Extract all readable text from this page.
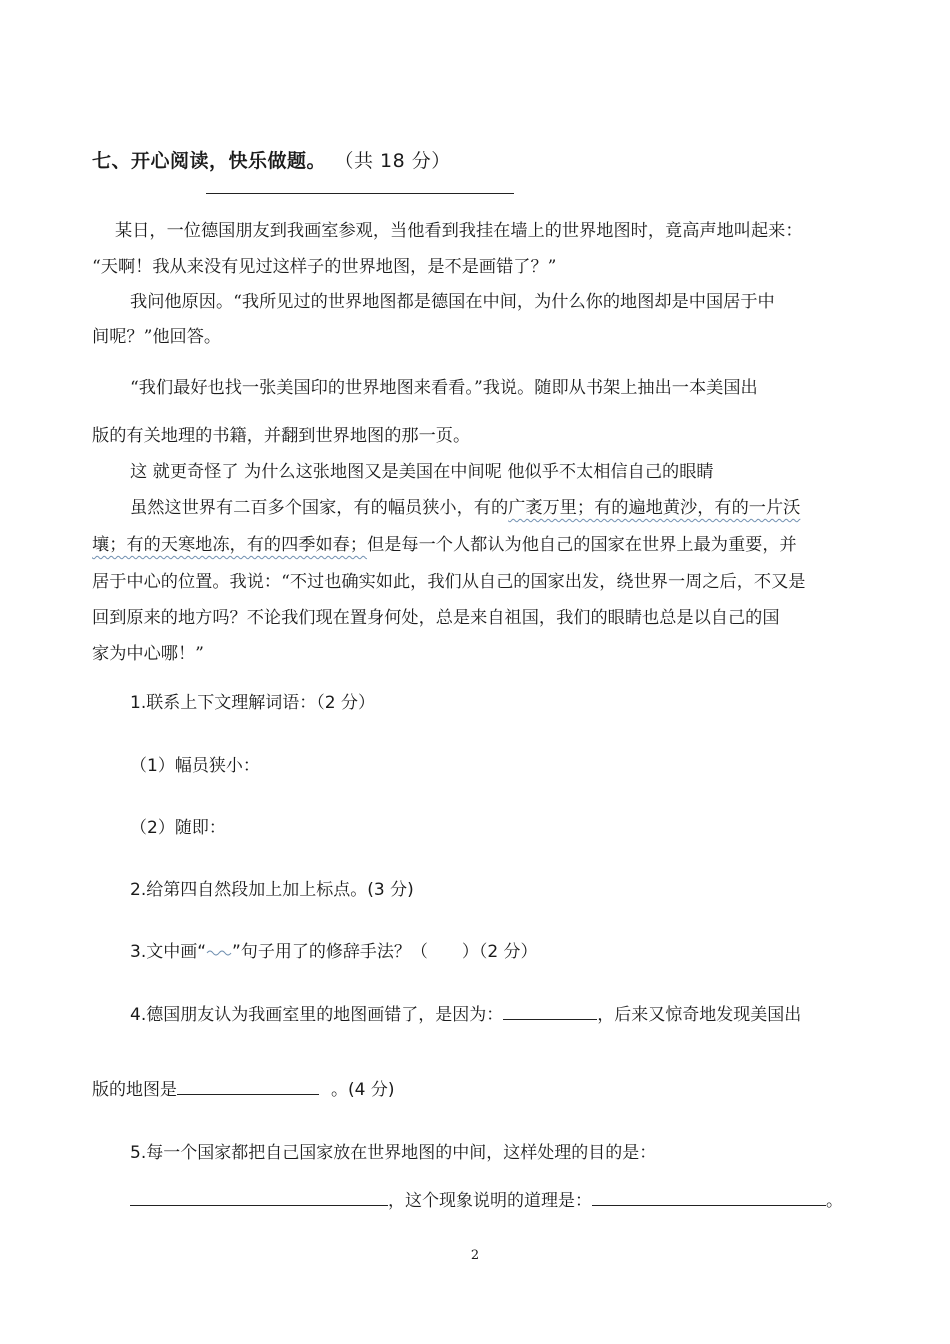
七、开心阅读，快乐做题。 （共 18 分）
某日，一位德国朋友到我画室参观，当他看到我挂在墙上的世界地图时，竟高声地叫起来：
“天啊！我从来没有见过这样子的世界地图，是不是画错了？”
我问他原因。“我所见过的世界地图都是德国在中间，为什么你的地图却是中国居于中
间呢？”他回答。
“我们最好也找一张美国印的世界地图来看看。”我说。随即从书架上抽出一本美国出
版的有关地理的书籍，并翻到世界地图的那一页。
这 就更奇怪了 为什么这张地图又是美国在中间呢 他似乎不太相信自己的眼睛
虽然这世界有二百多个国家，有的幅员狭小，有的广袤万里；有的遍地黄沙，有的一片沃
壤；有的天寒地冻，有的四季如春；但是每一个人都认为他自己的国家在世界上最为重要，并
居于中心的位置。我说：“不过也确实如此，我们从自己的国家出发，绕世界一周之后，不又是
回到原来的地方吗？不论我们现在置身何处，总是来自祖国，我们的眼睛也总是以自己的国
家为中心哪！”
1.联系上下文理解词语：（2 分）
（1）幅员狭小：
（2）随即：
2.给第四自然段加上加上标点。(3 分)
3.文中画“ ”句子用了的修辞手法？（　　）（2 分）
4.德国朋友认为我画室里的地图画错了，是因为：	，后来又惊奇地发现美国出
版的地图是	。(4 分)
5.每一个国家都把自己国家放在世界地图的中间，这样处理的目的是：
，这个现象说明的道理是：	。
2
